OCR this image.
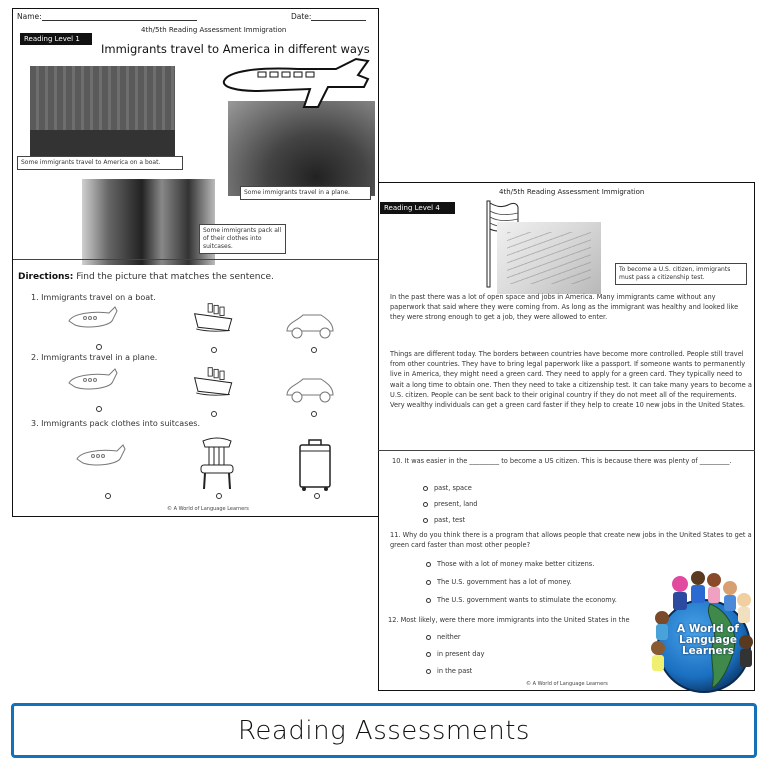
Name:	Date:
4th/5th Reading Assessment Immigration
Reading Level 1
Immigrants travel to America in different ways
Some immigrants travel to America on a boat.
Some immigrants travel in a plane.
Some immigrants pack all of their clothes into suitcases.
Directions: Find the picture that matches the sentence.
1. Immigrants travel on a boat.
2. Immigrants travel in a plane.
3. Immigrants pack clothes into suitcases.
© A World of Language Learners
4th/5th Reading Assessment Immigration
Reading Level 4
To become a U.S. citizen, immigrants must pass a citizenship test.
In the past there was a lot of open space and jobs in America. Many immigrants came without any paperwork that said where they were coming from. As long as the immigrant was healthy and looked like they were strong enough to get a job, they were allowed to enter.
Things are different today. The borders between countries have become more controlled. People still travel from other countries. They have to bring legal paperwork like a passport. If someone wants to permanently live in America, they might need a green card. They need to apply for a green card. They typically need to wait a long time to obtain one. Then they need to take a citizenship test. It can take many years to become a U.S. citizen. People can be sent back to their original country if they do not meet all of the requirements. Very wealthy individuals can get a green card faster if they help to create 10 new jobs in the United States.
10. It was easier in the _________ to become a US citizen. This is because there was plenty of _________.
past, space
present, land
past, test
11. Why do you think there is a program that allows people that create new jobs in the United States to get a green card faster than most other people?
Those with a lot of money make better citizens.
The U.S. government has a lot of money.
The U.S. government wants to stimulate the economy.
12. Most likely, were there more immigrants into the United States in the
neither
in present day
in the past
© A World of Language Learners
A World of
Language
Learners
Reading Assessments
